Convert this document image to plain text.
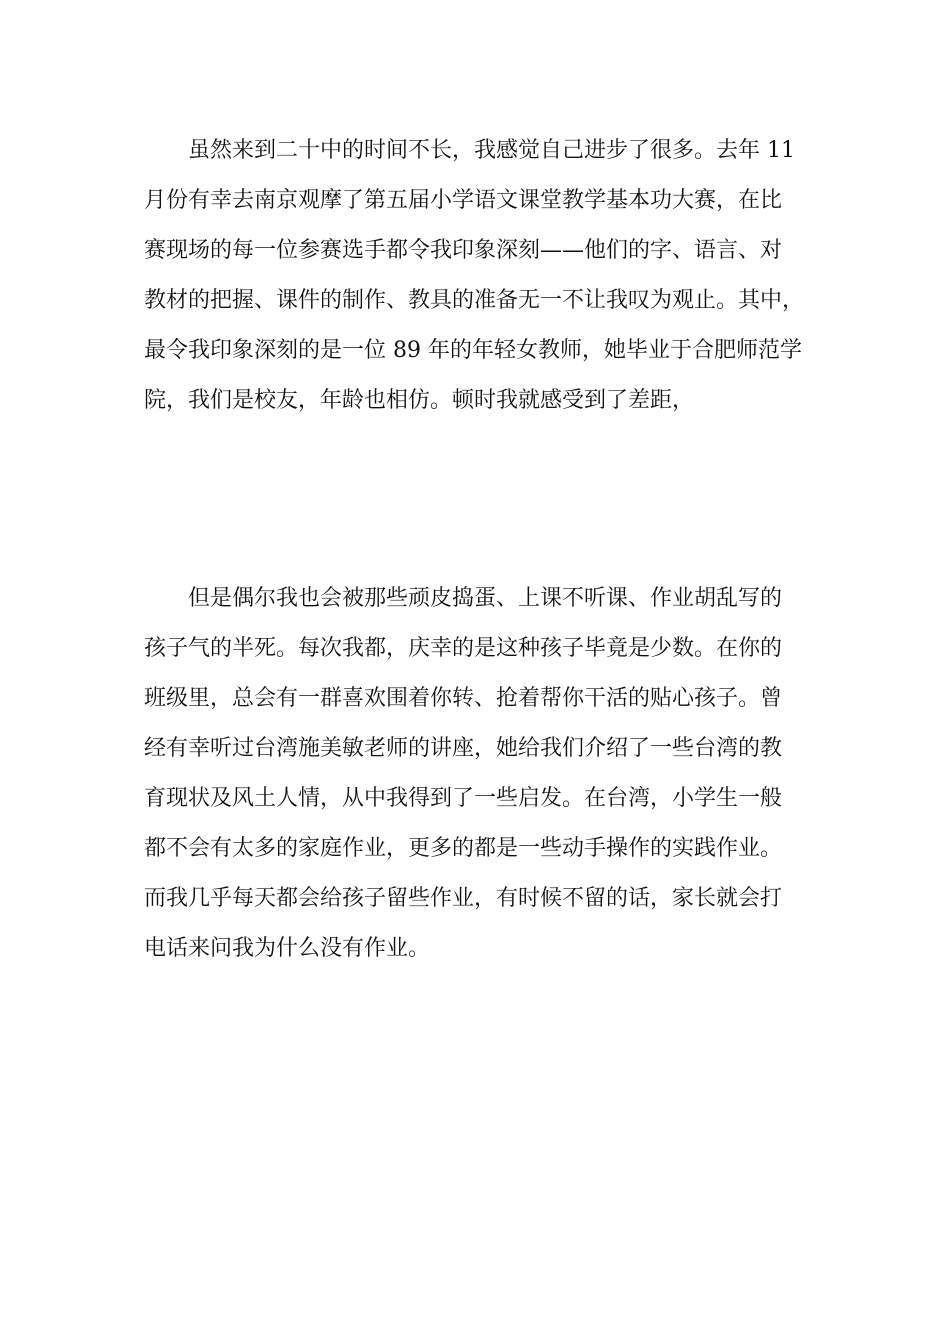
　　虽然来到二十中的时间不长，我感觉自己进步了很多。去年 11
月份有幸去南京观摩了第五届小学语文课堂教学基本功大赛，在比
赛现场的每一位参赛选手都令我印象深刻——他们的字、语言、对
教材的把握、课件的制作、教具的准备无一不让我叹为观止。其中，
最令我印象深刻的是一位 89 年的年轻女教师，她毕业于合肥师范学
院，我们是校友，年龄也相仿。顿时我就感受到了差距，
　　但是偶尔我也会被那些顽皮捣蛋、上课不听课、作业胡乱写的
孩子气的半死。每次我都，庆幸的是这种孩子毕竟是少数。在你的
班级里，总会有一群喜欢围着你转、抢着帮你干活的贴心孩子。曾
经有幸听过台湾施美敏老师的讲座，她给我们介绍了一些台湾的教
育现状及风土人情，从中我得到了一些启发。在台湾，小学生一般
都不会有太多的家庭作业，更多的都是一些动手操作的实践作业。
而我几乎每天都会给孩子留些作业，有时候不留的话，家长就会打
电话来问我为什么没有作业。
